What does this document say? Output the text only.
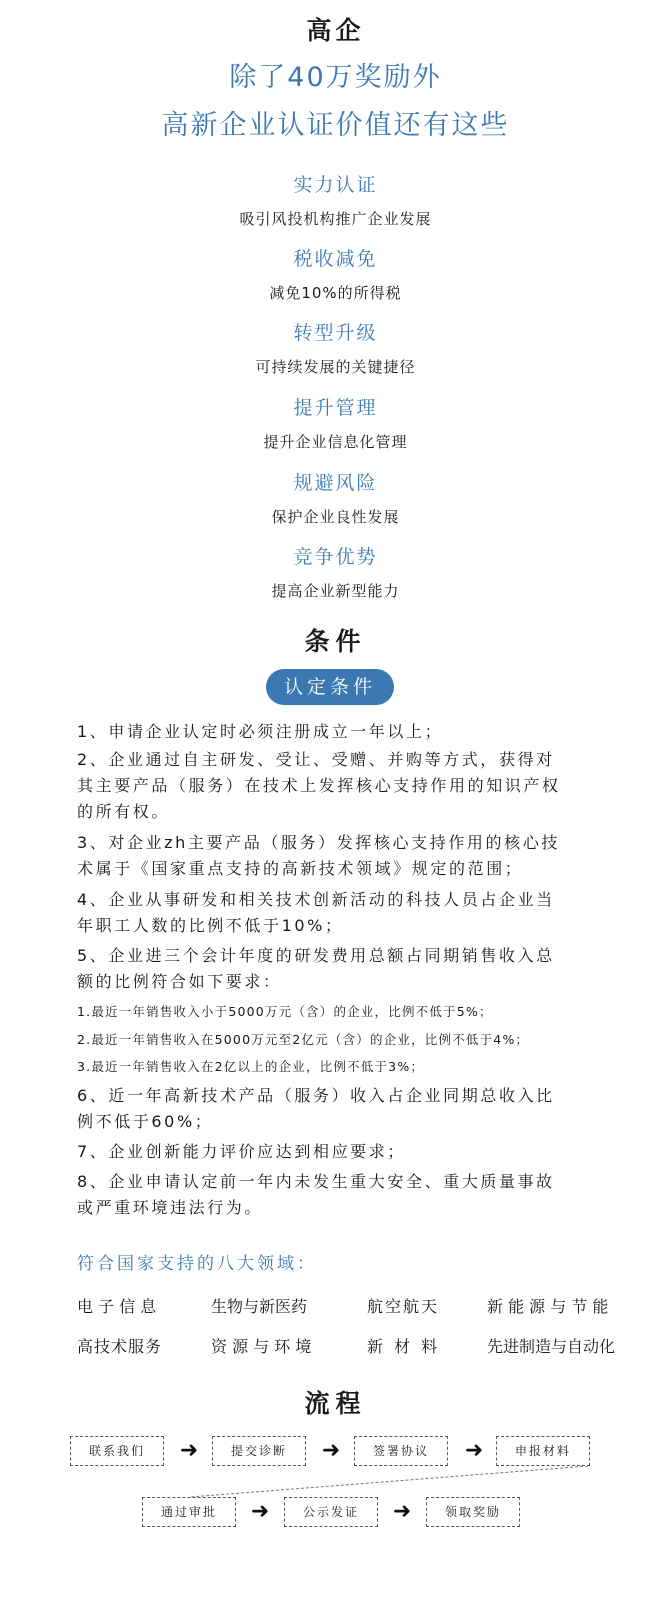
高企
除了40万奖励外
高新企业认证价值还有这些
实力认证
吸引风投机构推广企业发展
税收减免
减免10%的所得税
转型升级
可持续发展的关键捷径
提升管理
提升企业信息化管理
规避风险
保护企业良性发展
竞争优势
提高企业新型能力
条件
认定条件
1、申请企业认定时必须注册成立一年以上；
2、企业通过自主研发、受让、受赠、并购等方式，获得对
其主要产品（服务）在技术上发挥核心支持作用的知识产权
的所有权。
3、对企业zh主要产品（服务）发挥核心支持作用的核心技
术属于《国家重点支持的高新技术领域》规定的范围；
4、企业从事研发和相关技术创新活动的科技人员占企业当
年职工人数的比例不低于10%；
5、企业进三个会计年度的研发费用总额占同期销售收入总
额的比例符合如下要求：
1.最近一年销售收入小于5000万元（含）的企业，比例不低于5%；
2.最近一年销售收入在5000万元至2亿元（含）的企业，比例不低于4%；
3.最近一年销售收入在2亿以上的企业，比例不低于3%；
6、近一年高新技术产品（服务）收入占企业同期总收入比
例不低于60%；
7、企业创新能力评价应达到相应要求；
8、企业申请认定前一年内未发生重大安全、重大质量事故
或严重环境违法行为。
符合国家支持的八大领域：
电 子 信 息	生物与新医药	航空航天	新 能 源 与 节 能
高技术服务	资 源 与 环 境	新 材 料	先进制造与自动化
流程
联系我们	➜	提交诊断	➜	签署协议	➜	申报材料
通过审批	➜	公示发证	➜	领取奖励
